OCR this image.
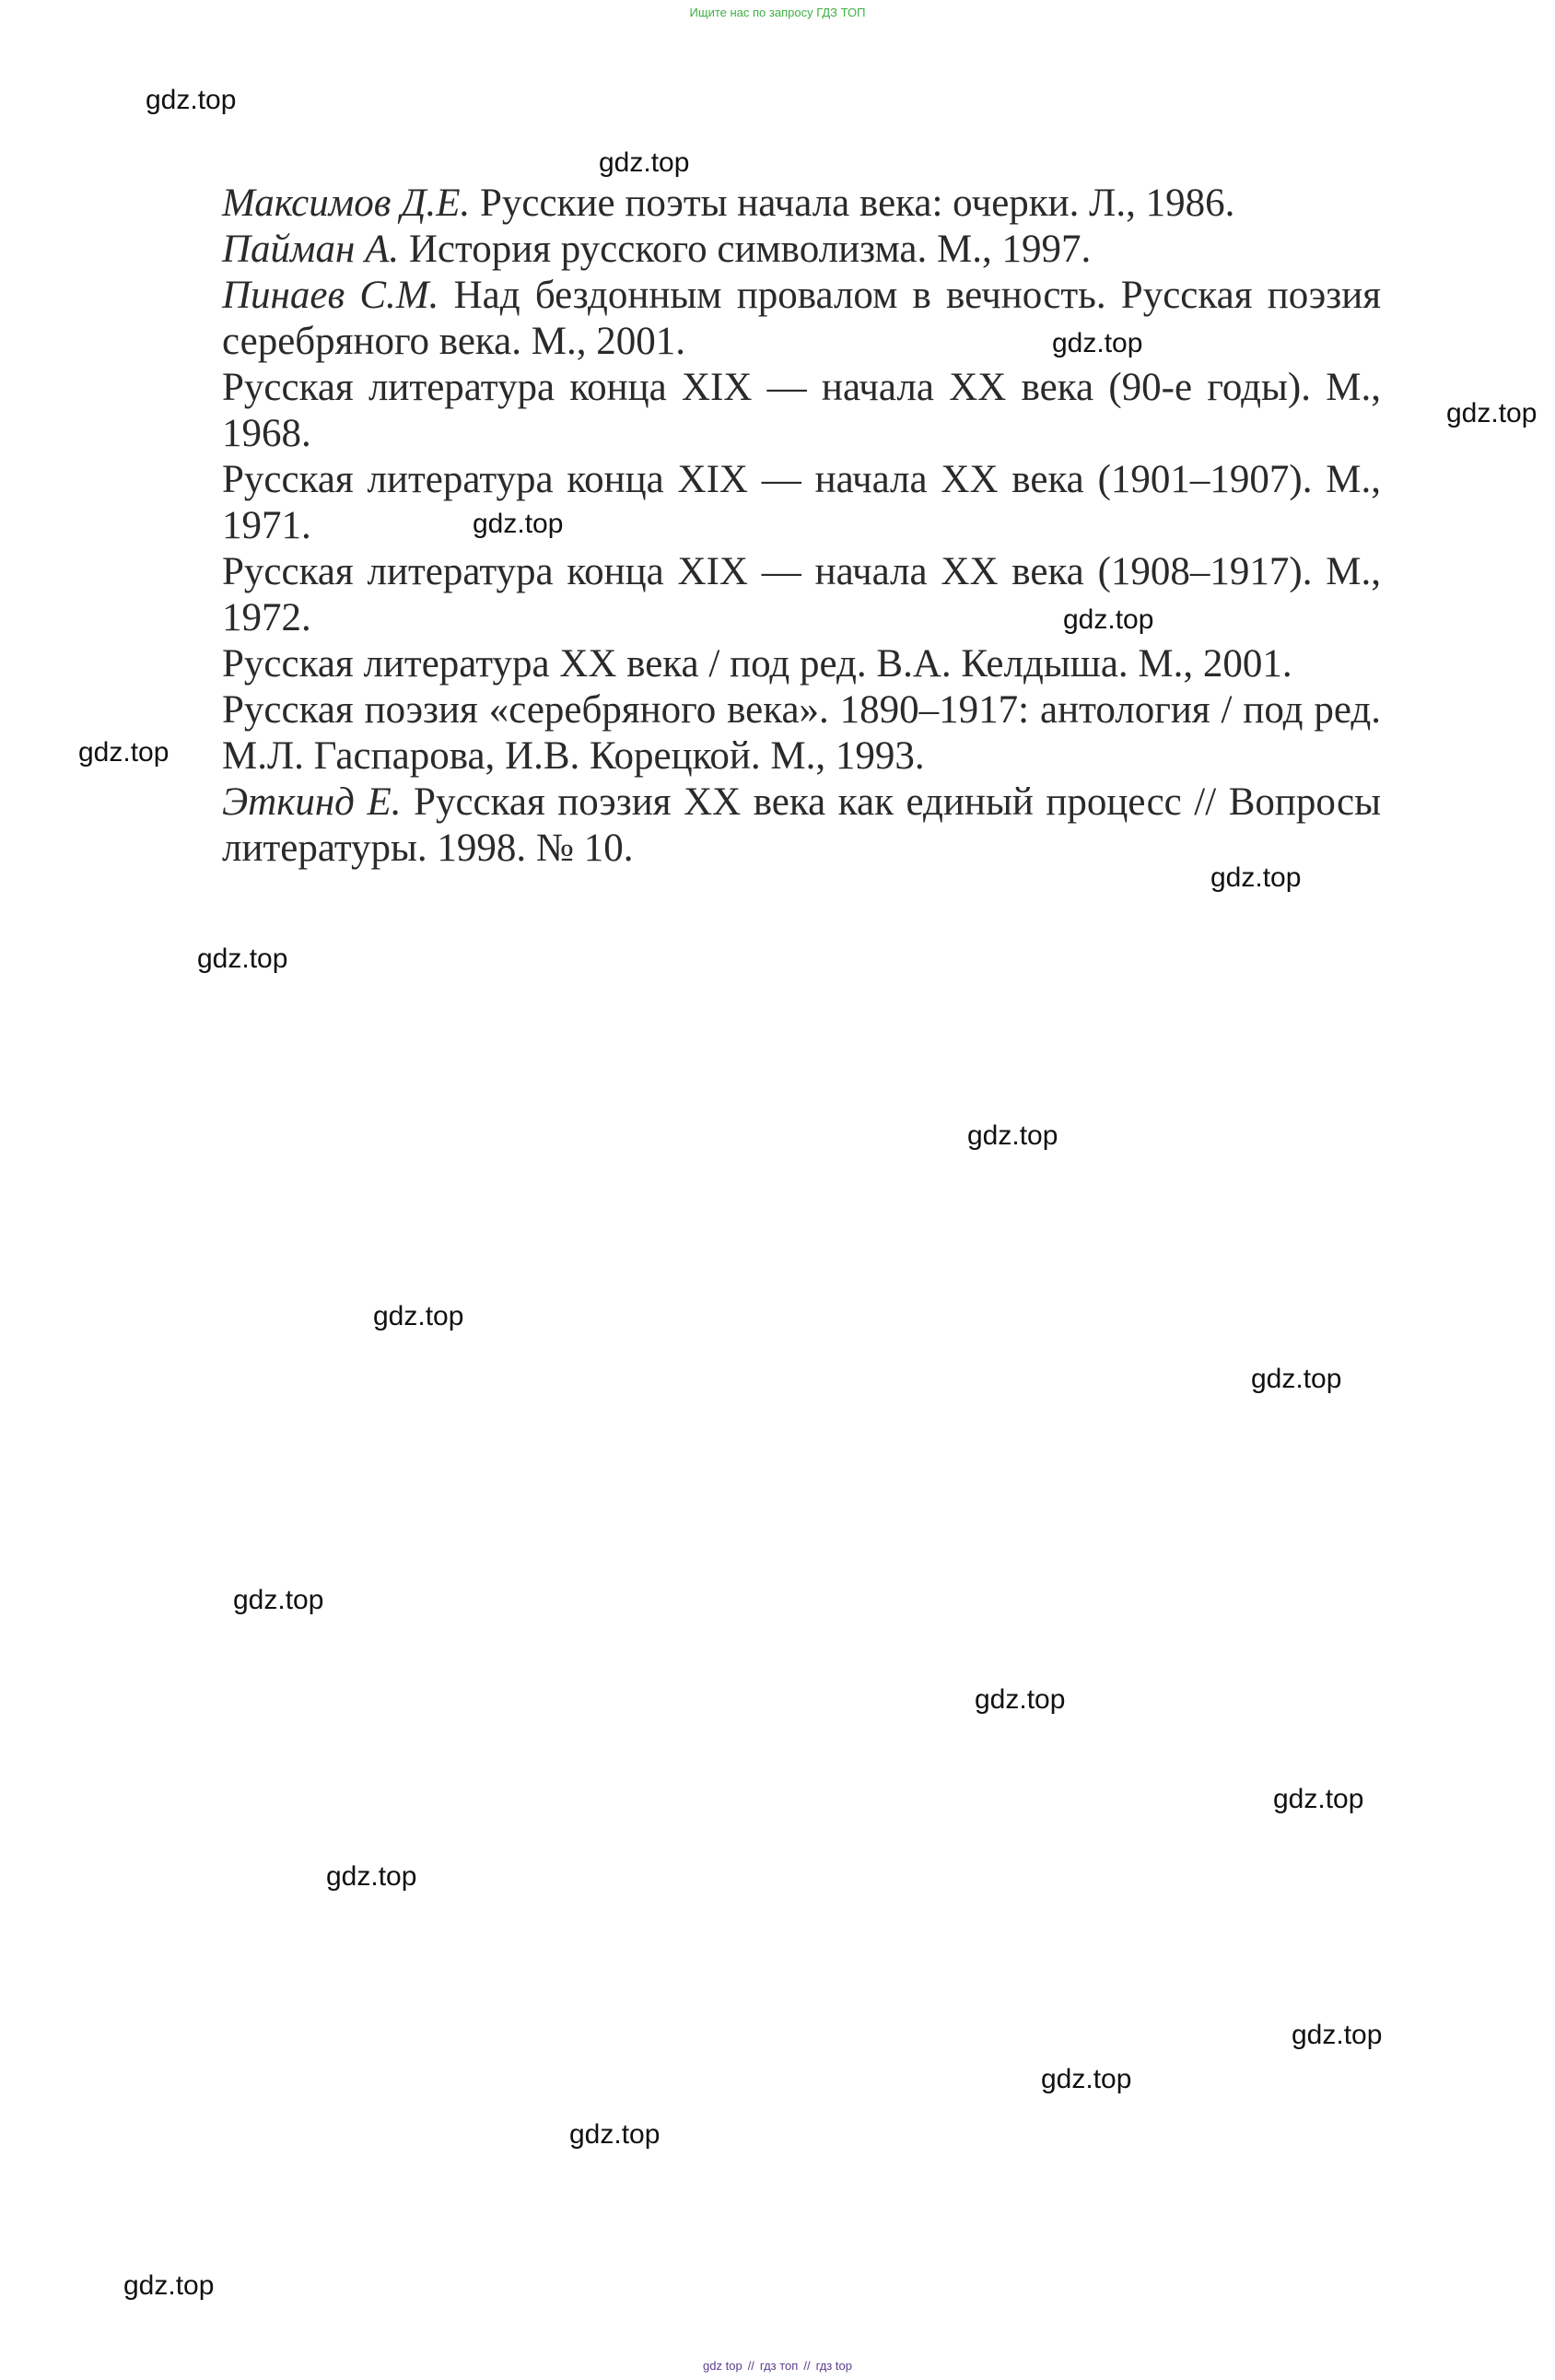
Ищите нас по запросу ГДЗ ТОП
Максимов Д.Е. Русские поэты начала века: очерки. Л., 1986.
Пайман А. История русского символизма. М., 1997.
Пинаев С.М. Над бездонным провалом в вечность. Русская поэзия серебряного века. М., 2001.
Русская литература конца XIX — начала XX века (90-е годы). М., 1968.
Русская литература конца XIX — начала XX века (1901–1907). М., 1971.
Русская литература конца XIX — начала XX века (1908–1917). М., 1972.
Русская литература XX века / под ред. В.А. Келдыша. М., 2001.
Русская поэзия «серебряного века». 1890–1917: антология / под ред. М.Л. Гаспарова, И.В. Корецкой. М., 1993.
Эткинд Е. Русская поэзия XX века как единый процесс // Вопросы литературы. 1998. № 10.
gdz.top
gdz.top
gdz.top
gdz.top
gdz.top
gdz.top
gdz.top
gdz.top
gdz.top
gdz.top
gdz.top
gdz.top
gdz.top
gdz.top
gdz.top
gdz.top
gdz.top
gdz.top
gdz.top
gdz.top
gdz top // гдз топ // гдз top
